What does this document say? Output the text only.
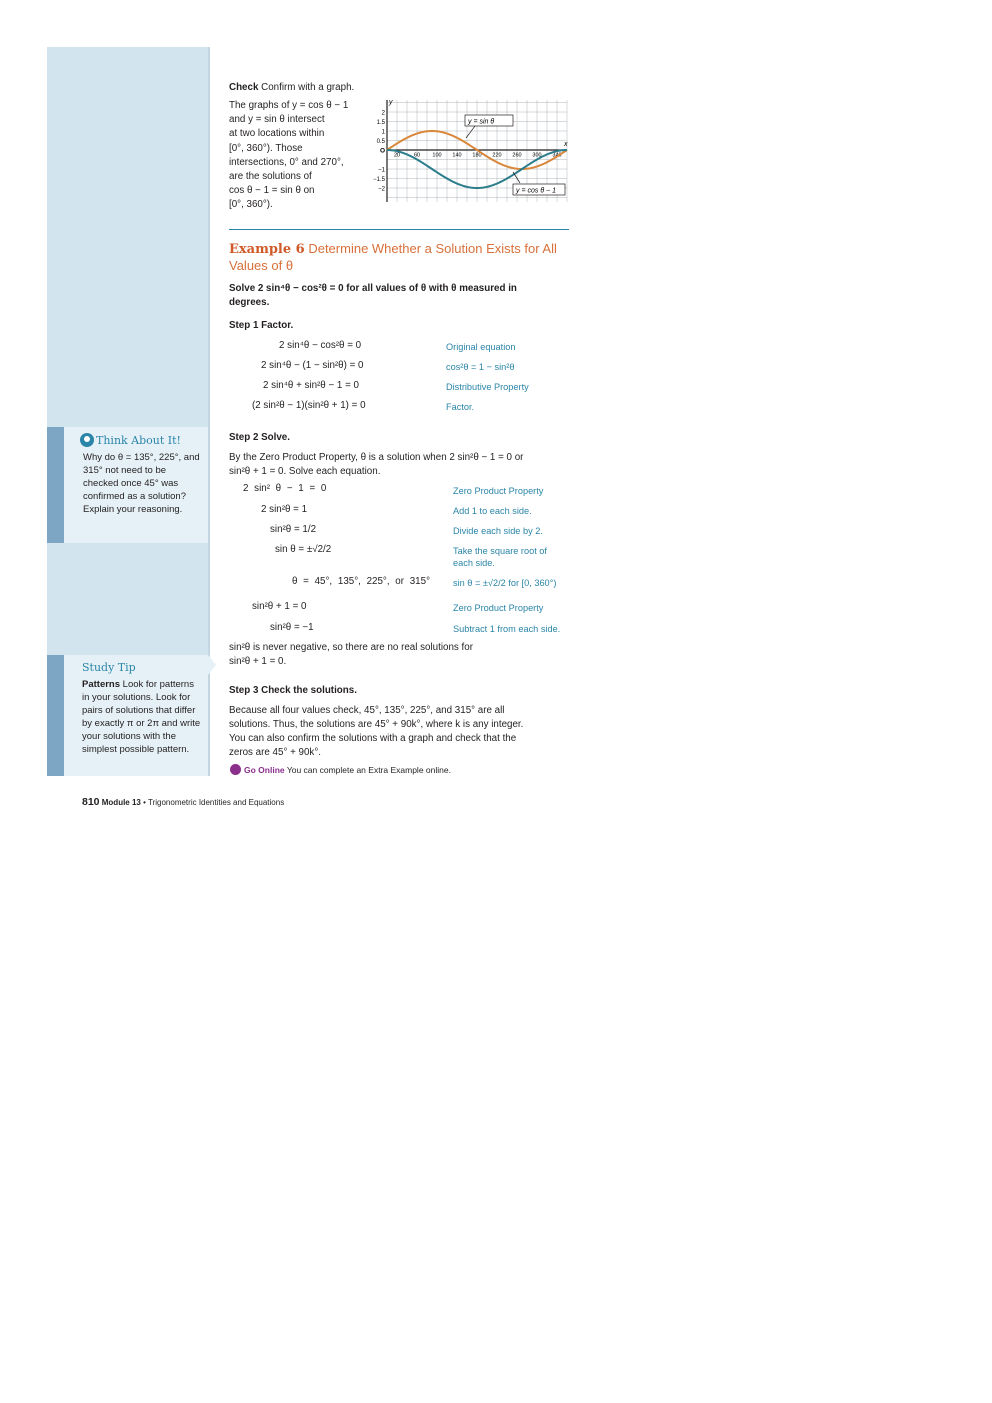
Think About It!
Why do θ = 135°, 225°, and 315° not need to be checked once 45° was confirmed as a solution? Explain your reasoning.
Study Tip
Patterns Look for patterns in your solutions. Look for pairs of solutions that differ by exactly π or 2π and write your solutions with the simplest possible pattern.
Check Confirm with a graph.
The graphs of y = cos θ − 1
and y = sin θ intersect
at two locations within
[0°, 360°). Those
intersections, 0° and 270°,
are the solutions of
cos θ − 1 = sin θ on
[0°, 360°).
x
y
2
1.5
1
0.5
O
−1
−1.5
−2
20	60 100 140 180 220 260 300 340
y = sin θ
y = cos θ − 1
Example 6 Determine Whether a Solution Exists for All Values of θ
Solve 2 sin⁴θ − cos²θ = 0 for all values of θ with θ measured in
degrees.
Step 1 Factor.
2 sin⁴θ − cos²θ = 0	Original equation
2 sin⁴θ − (1 − sin²θ) = 0	cos²θ = 1 − sin²θ
2 sin⁴θ + sin²θ − 1 = 0	Distributive Property
(2 sin²θ − 1)(sin²θ + 1) = 0	Factor.
Step 2 Solve.
By the Zero Product Property, θ is a solution when 2 sin²θ − 1 = 0 or
sin²θ + 1 = 0. Solve each equation.
2 sin² θ − 1 = 0	Zero Product Property
2 sin²θ = 1	Add 1 to each side.
sin²θ = 1/2	Divide each side by 2.
sin θ = ±√2/2	Take the square root of each side.
θ = 45°, 135°, 225°, or 315°	sin θ = ±√2/2 for [0, 360°)
sin²θ + 1 = 0	Zero Product Property
sin²θ = −1	Subtract 1 from each side.
sin²θ is never negative, so there are no real solutions for
sin²θ + 1 = 0.
Step 3 Check the solutions.
Because all four values check, 45°, 135°, 225°, and 315° are all
solutions. Thus, the solutions are 45° + 90k°, where k is any integer.
You can also confirm the solutions with a graph and check that the
zeros are 45° + 90k°.
Go Online You can complete an Extra Example online.
810 Module 13 • Trigonometric Identities and Equations
